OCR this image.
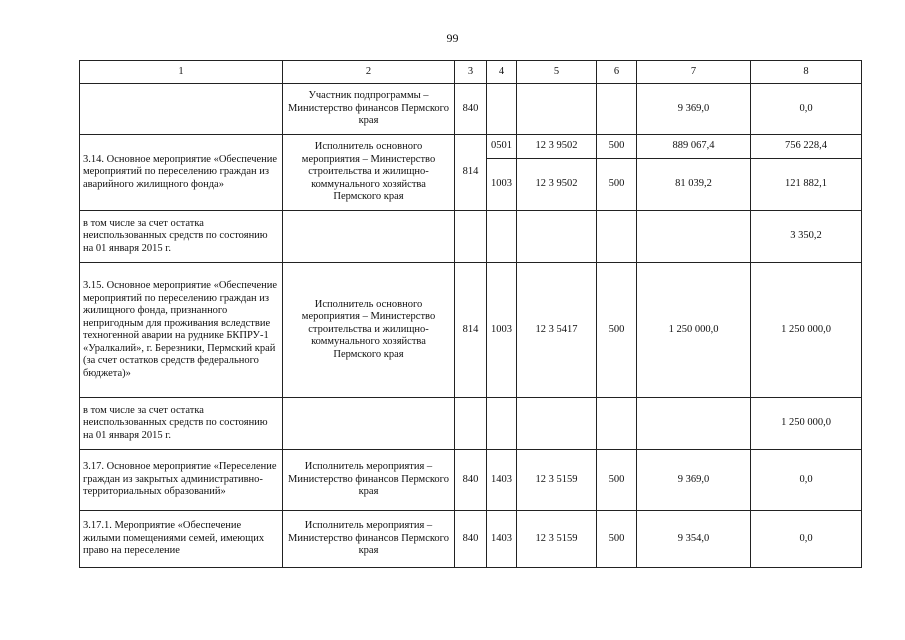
99
1	2	3	4	5	6	7	8
	Участник подпрограммы – Министерство финансов Пермского края	840				9 369,0	0,0
3.14. Основное мероприятие «Обеспечение мероприятий по переселению граждан из аварийного жилищного фонда»	Исполнитель основного мероприятия – Министерство строительства и жилищно-коммунального хозяйства Пермского края	814	0501	12 3 9502	500	889 067,4	756 228,4
			1003	12 3 9502	500	81 039,2	121 882,1
в том числе за счет остатка неиспользованных средств по состоянию на 01 января 2015 г.							3 350,2
3.15. Основное мероприятие «Обеспечение мероприятий по переселению граждан из жилищного фонда, признанного непригодным для проживания вследствие техногенной аварии на руднике БКПРУ-1 «Уралкалий», г. Березники, Пермский край (за счет остатков средств федерального бюджета)»	Исполнитель основного мероприятия – Министерство строительства и жилищно-коммунального хозяйства Пермского края	814	1003	12 3 5417	500	1 250 000,0	1 250 000,0
в том числе за счет остатка неиспользованных средств по состоянию на 01 января 2015 г.							1 250 000,0
3.17. Основное мероприятие «Переселение граждан из закрытых административно-территориальных образований»	Исполнитель мероприятия – Министерство финансов Пермского края	840	1403	12 3 5159	500	9 369,0	0,0
3.17.1. Мероприятие «Обеспечение жилыми помещениями семей, имеющих право на переселение	Исполнитель мероприятия – Министерство финансов Пермского края	840	1403	12 3 5159	500	9 354,0	0,0
